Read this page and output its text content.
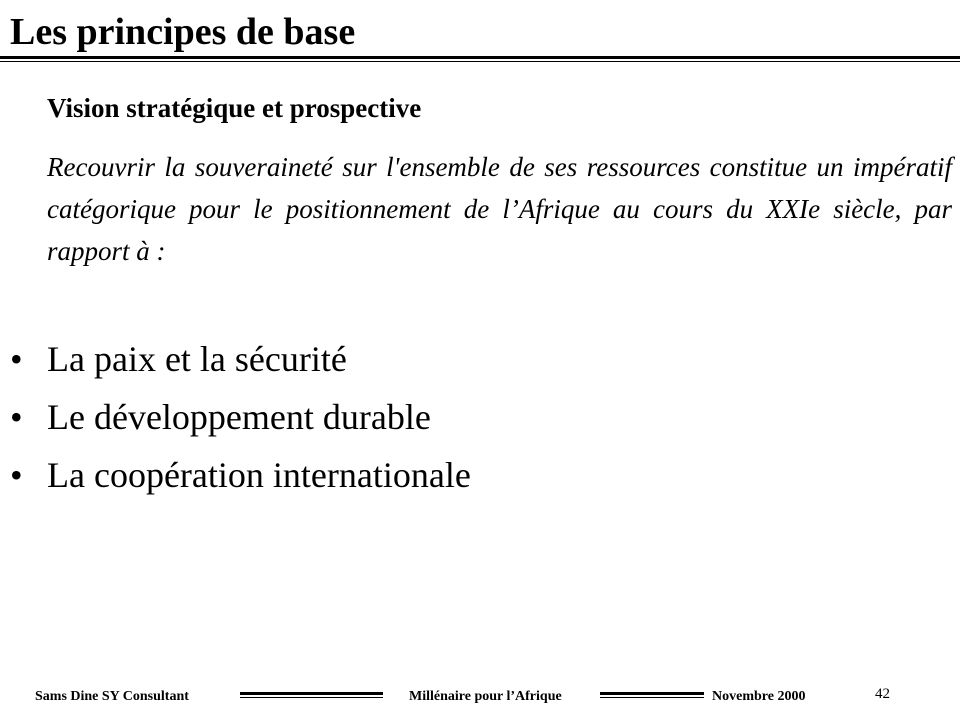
Les principes de base
Vision stratégique et prospective
Recouvrir la souveraineté sur l'ensemble de ses ressources constitue un impératif catégorique pour le positionnement de l’Afrique au cours du XXIe siècle, par rapport à :
• La paix et la sécurité
• Le développement durable
• La coopération internationale
Sams Dine SY Consultant	Millénaire pour l’Afrique	Novembre 2000	42
